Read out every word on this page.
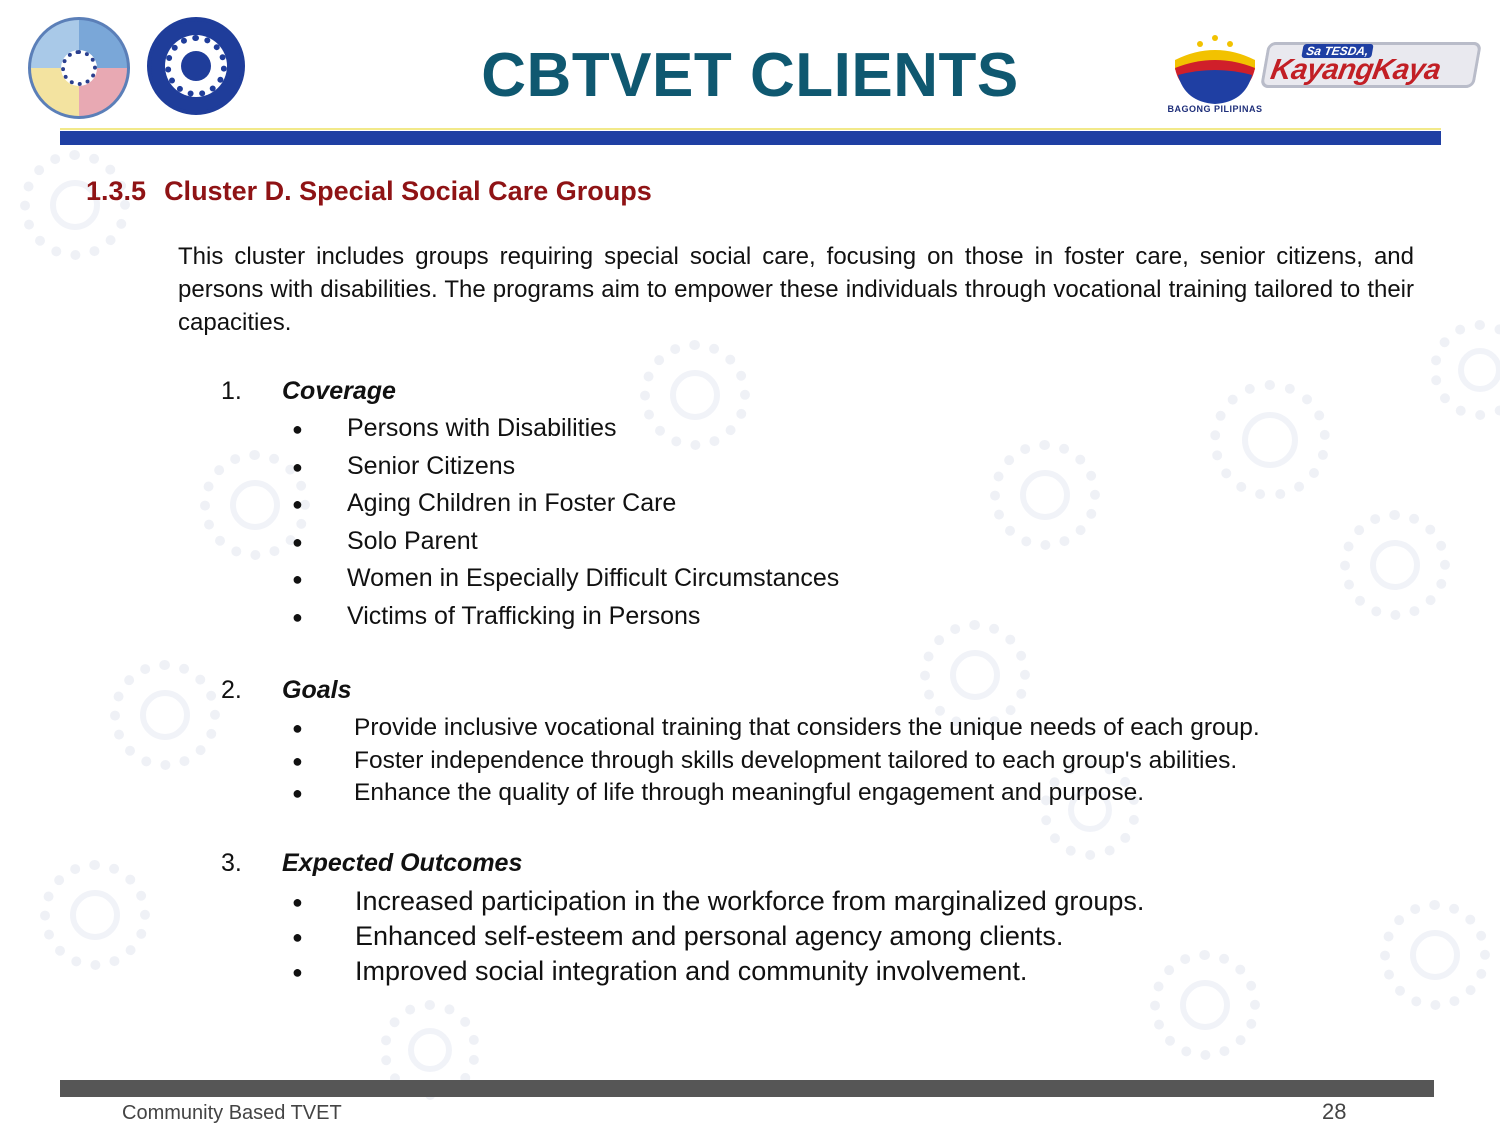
CBTVET CLIENTS	BAGONG PILIPINAS
Sa TESDA,
KayangKaya
1.3.5 Cluster D. Special Social Care Groups
This cluster includes groups requiring special social care, focusing on those in foster care, senior citizens, and persons with disabilities. The programs aim to empower these individuals through vocational training tailored to their capacities.
1. Coverage
● Persons with Disabilities
● Senior Citizens
● Aging Children in Foster Care
● Solo Parent
● Women in Especially Difficult Circumstances
● Victims of Trafficking in Persons
2. Goals
● Provide inclusive vocational training that considers the unique needs of each group.
● Foster independence through skills development tailored to each group's abilities.
● Enhance the quality of life through meaningful engagement and purpose.
3. Expected Outcomes
● Increased participation in the workforce from marginalized groups.
● Enhanced self-esteem and personal agency among clients.
● Improved social integration and community involvement.
Community Based TVET	28
